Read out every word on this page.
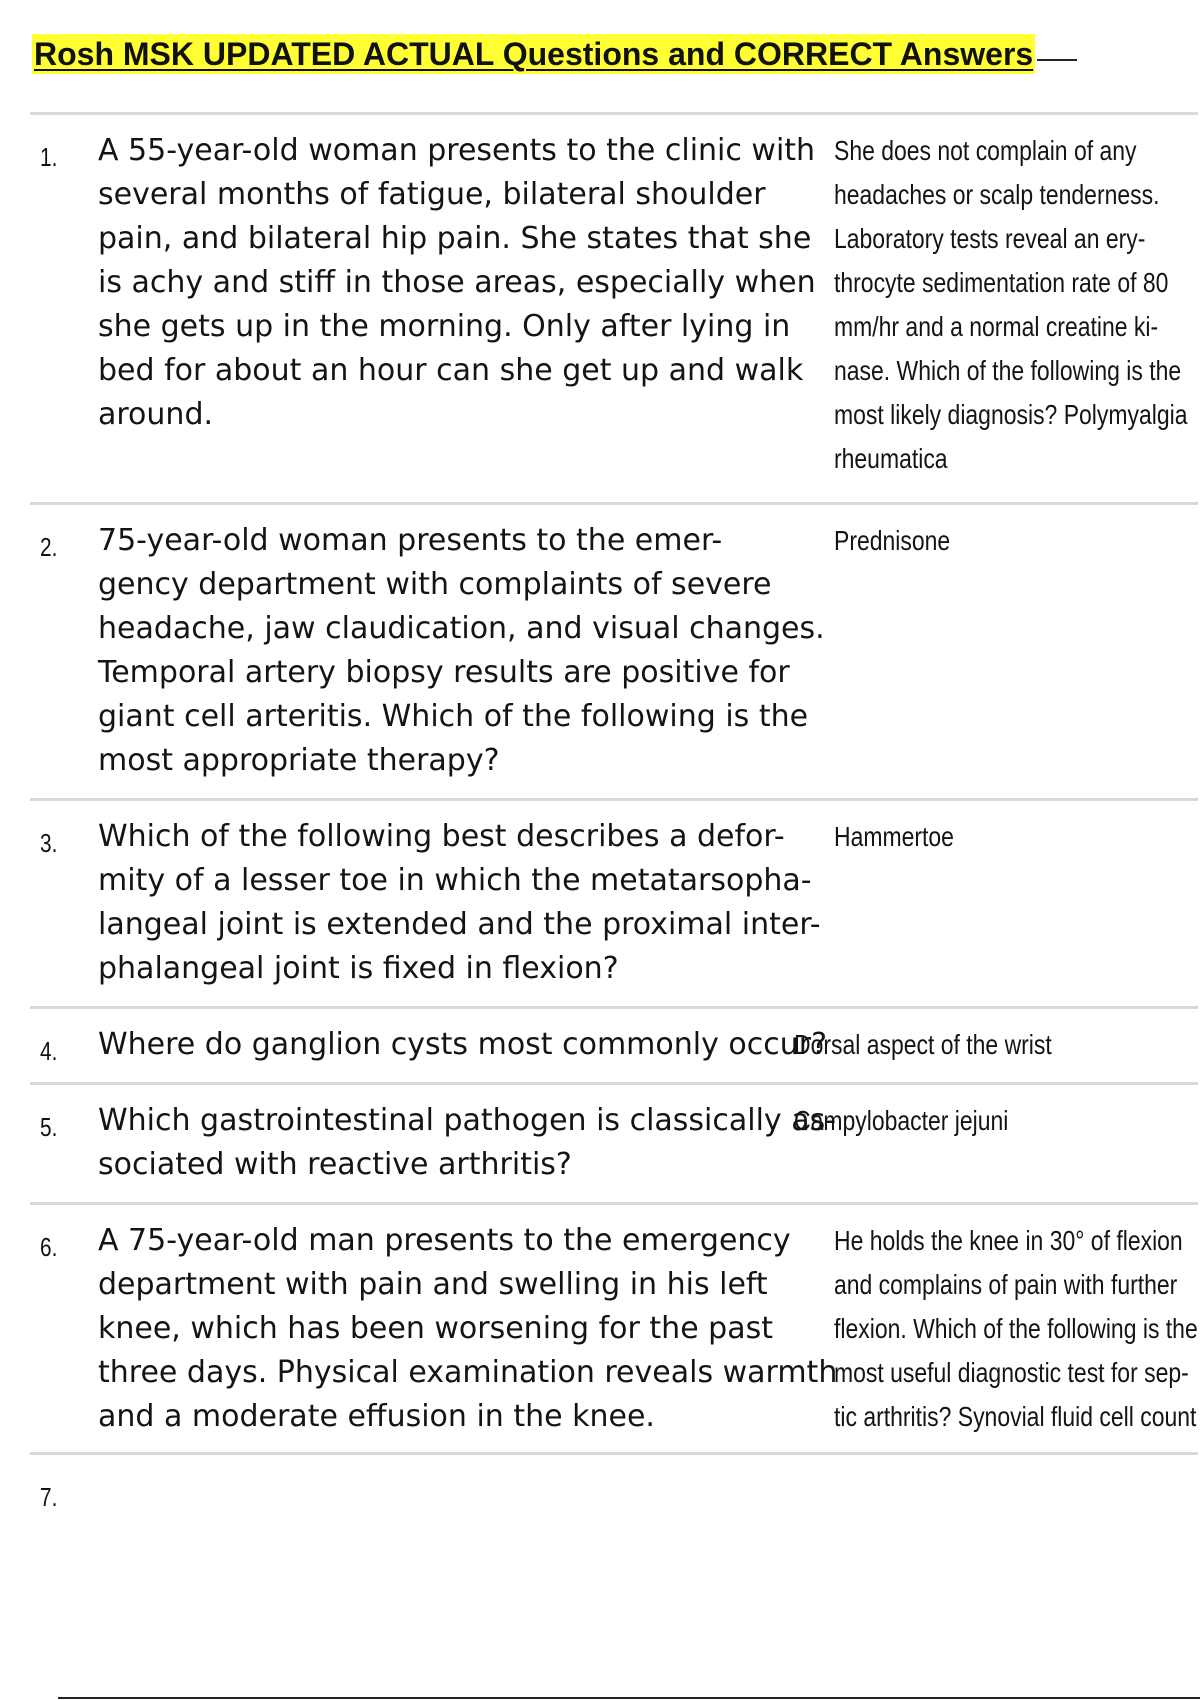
Rosh MSK UPDATED ACTUAL Questions and CORRECT Answers
1. A 55-year-old woman presents to the clinic with
several months of fatigue, bilateral shoulder
pain, and bilateral hip pain. She states that she
is achy and stiff in those areas, especially when
she gets up in the morning. Only after lying in
bed for about an hour can she get up and walk
around.
She does not complain of any
headaches or scalp tenderness.
Laboratory tests reveal an ery-
throcyte sedimentation rate of 80
mm/hr and a normal creatine ki-
nase. Which of the following is the
most likely diagnosis? Polymyalgia
rheumatica
2. 75-year-old woman presents to the emer-
gency department with complaints of severe
headache, jaw claudication, and visual changes.
Temporal artery biopsy results are positive for
giant cell arteritis. Which of the following is the
most appropriate therapy?
Prednisone
3. Which of the following best describes a defor-
mity of a lesser toe in which the metatarsopha-
langeal joint is extended and the proximal inter-
phalangeal joint is fixed in flexion?
Hammertoe
4. Where do ganglion cysts most commonly occur?
Dorsal aspect of the wrist
5. Which gastrointestinal pathogen is classically as-
sociated with reactive arthritis?
Campylobacter jejuni
6. A 75-year-old man presents to the emergency
department with pain and swelling in his left
knee, which has been worsening for the past
three days. Physical examination reveals warmth
and a moderate effusion in the knee.
He holds the knee in 30° of flexion
and complains of pain with further
flexion. Which of the following is the
most useful diagnostic test for sep-
tic arthritis? Synovial fluid cell count
7.
